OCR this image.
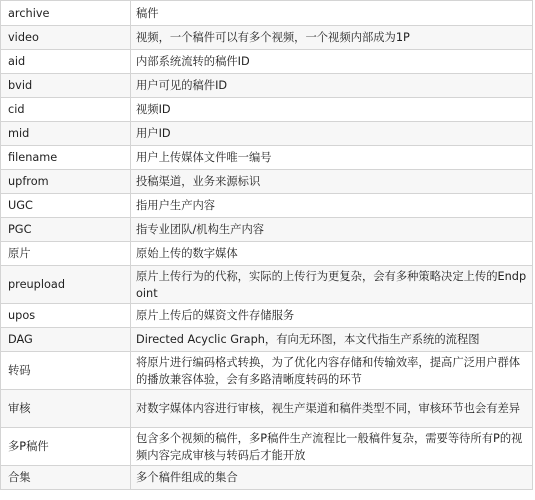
archive	稿件
video	视频，一个稿件可以有多个视频，一个视频内部成为1P
aid	内部系统流转的稿件ID
bvid	用户可见的稿件ID
cid	视频ID
mid	用户ID
filename	用户上传媒体文件唯一编号
upfrom	投稿渠道，业务来源标识
UGC	指用户生产内容
PGC	指专业团队/机构生产内容
原片	原始上传的数字媒体
preupload	原片上传行为的代称，实际的上传行为更复杂，会有多种策略决定上传的Endpoint
upos	原片上传后的媒资文件存储服务
DAG	Directed Acyclic Graph，有向无环图，本文代指生产系统的流程图
转码	将原片进行编码格式转换，为了优化内容存储和传输效率，提高广泛用户群体的播放兼容体验，会有多路清晰度转码的环节
审核	对数字媒体内容进行审核，视生产渠道和稿件类型不同，审核环节也会有差异
多P稿件	包含多个视频的稿件，多P稿件生产流程比一般稿件复杂，需要等待所有P的视频内容完成审核与转码后才能开放
合集	多个稿件组成的集合
